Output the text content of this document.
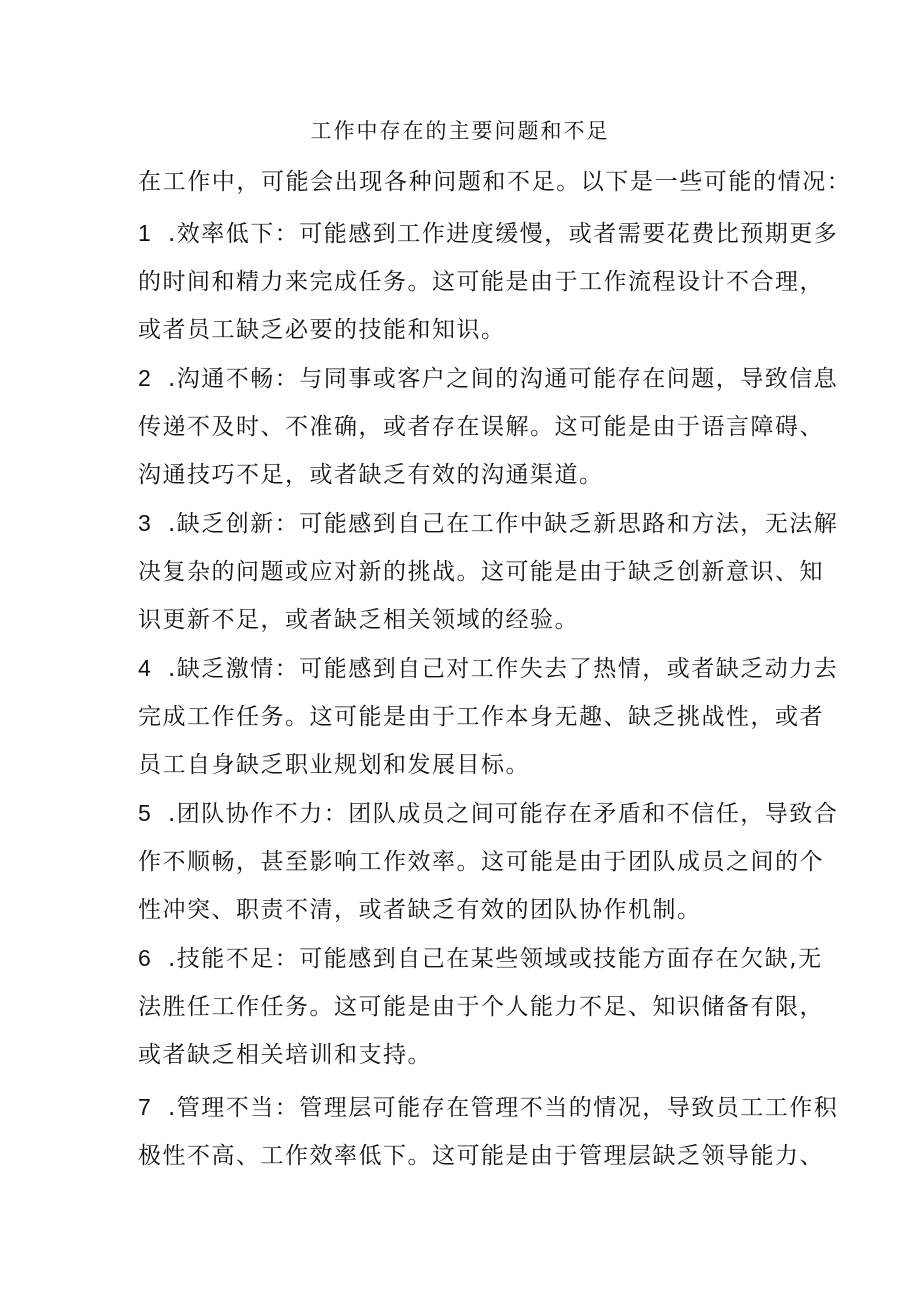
工作中存在的主要问题和不足
在工作中，可能会出现各种问题和不足。以下是一些可能的情况：
1 .效率低下：可能感到工作进度缓慢，或者需要花费比预期更多
的时间和精力来完成任务。这可能是由于工作流程设计不合理，
或者员工缺乏必要的技能和知识。
2 .沟通不畅：与同事或客户之间的沟通可能存在问题，导致信息
传递不及时、不准确，或者存在误解。这可能是由于语言障碍、
沟通技巧不足，或者缺乏有效的沟通渠道。
3 .缺乏创新：可能感到自己在工作中缺乏新思路和方法，无法解
决复杂的问题或应对新的挑战。这可能是由于缺乏创新意识、知
识更新不足，或者缺乏相关领域的经验。
4 .缺乏激情：可能感到自己对工作失去了热情，或者缺乏动力去
完成工作任务。这可能是由于工作本身无趣、缺乏挑战性，或者
员工自身缺乏职业规划和发展目标。
5 .团队协作不力：团队成员之间可能存在矛盾和不信任，导致合
作不顺畅，甚至影响工作效率。这可能是由于团队成员之间的个
性冲突、职责不清，或者缺乏有效的团队协作机制。
6 .技能不足：可能感到自己在某些领域或技能方面存在欠缺,无
法胜任工作任务。这可能是由于个人能力不足、知识储备有限，
或者缺乏相关培训和支持。
7 .管理不当：管理层可能存在管理不当的情况，导致员工工作积
极性不高、工作效率低下。这可能是由于管理层缺乏领导能力、
